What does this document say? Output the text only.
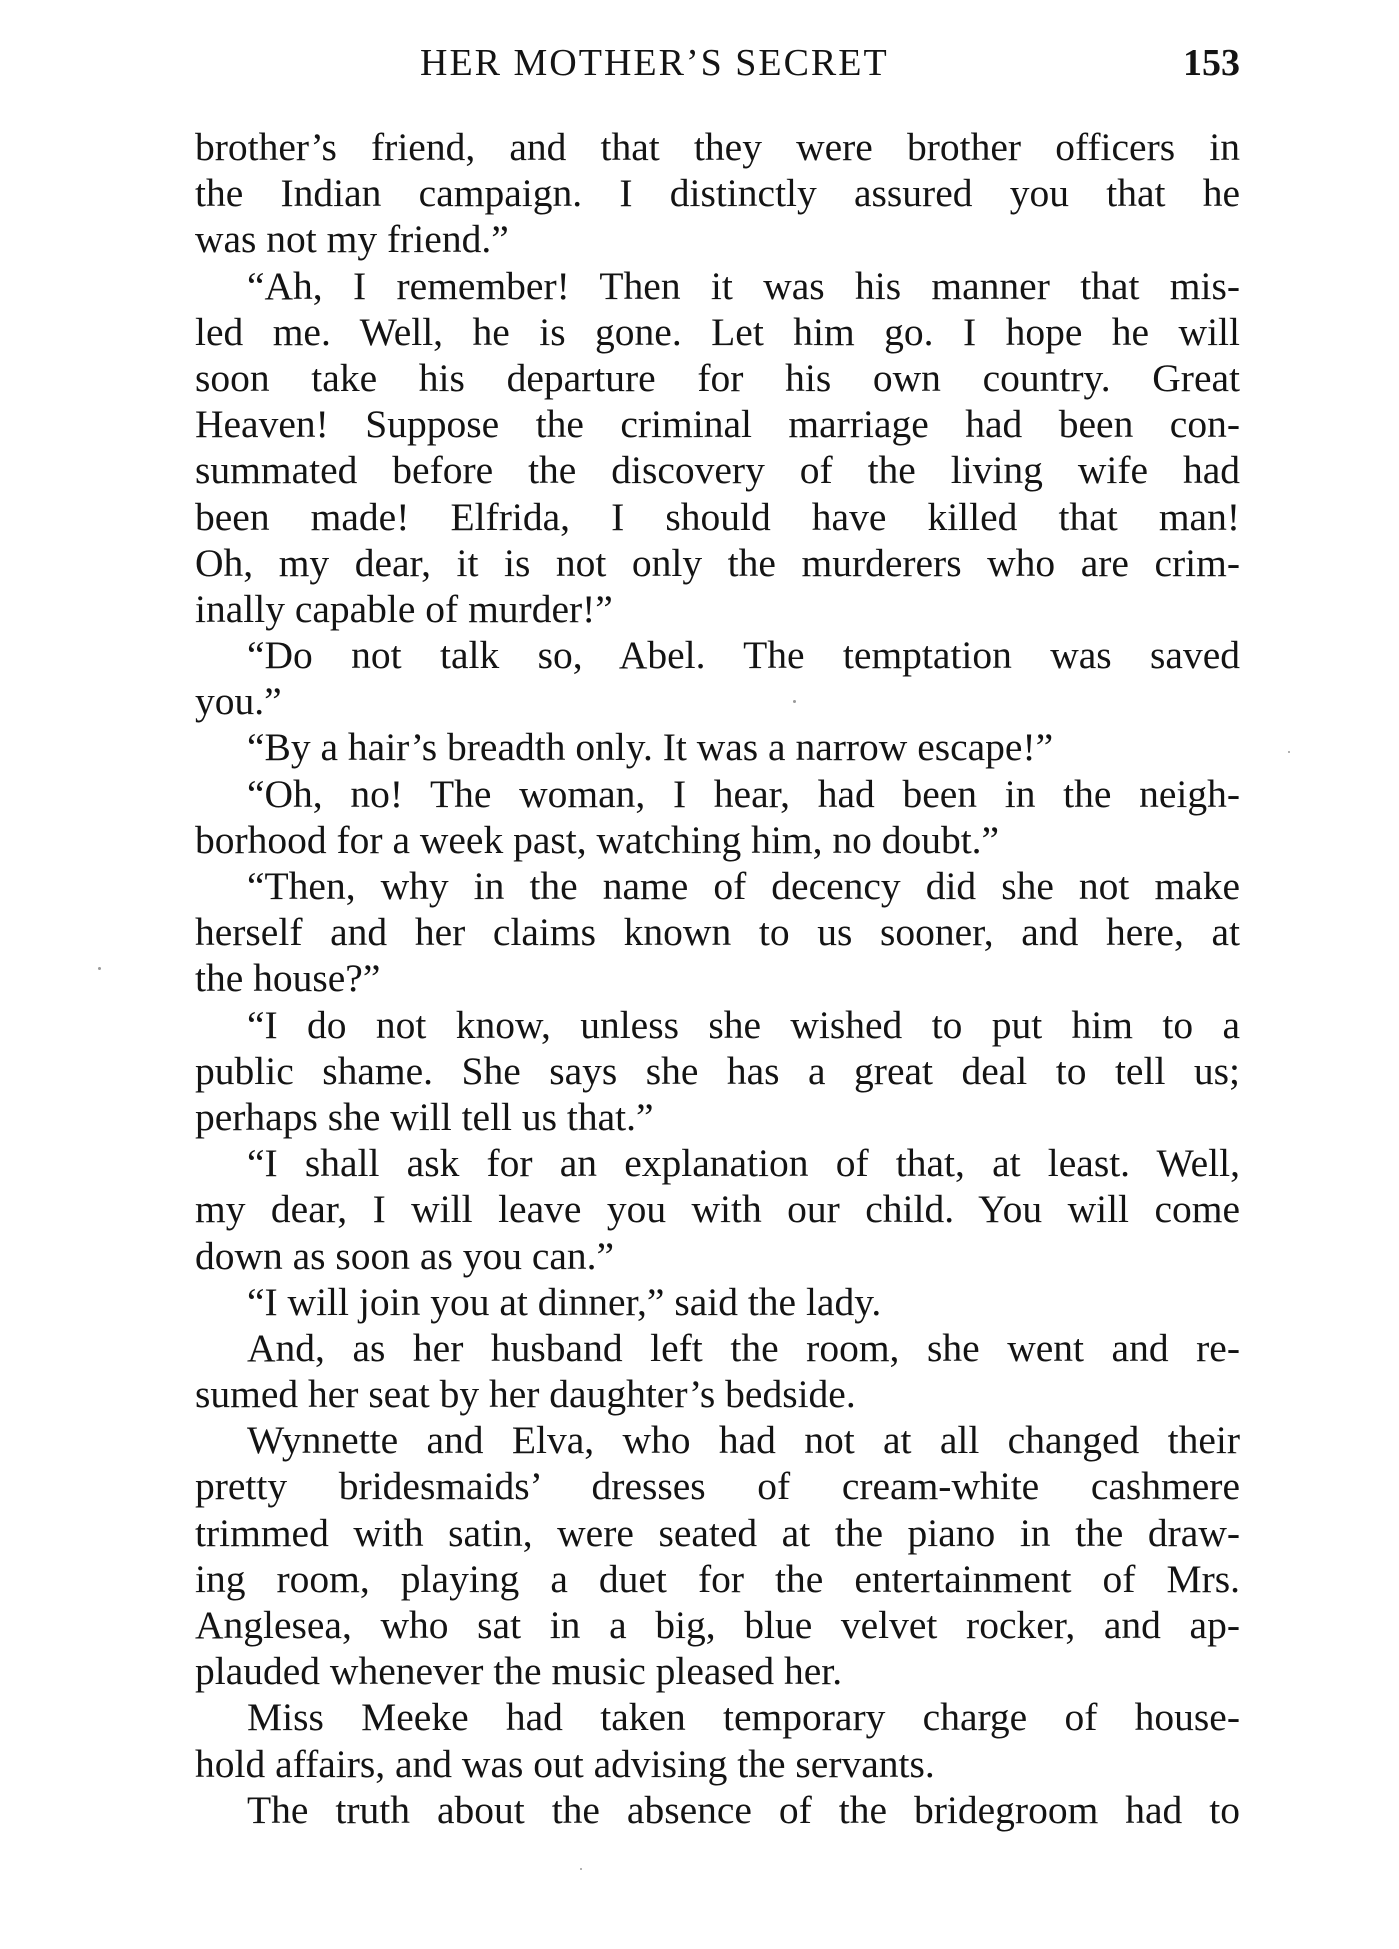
HER MOTHER’S SECRET	153
brother’s friend, and that they were brother officers in
the Indian campaign. I distinctly assured you that he
was not my friend.”
“Ah, I remember! Then it was his manner that mis-
led me. Well, he is gone. Let him go. I hope he will
soon take his departure for his own country. Great
Heaven! Suppose the criminal marriage had been con-
summated before the discovery of the living wife had
been made! Elfrida, I should have killed that man!
Oh, my dear, it is not only the murderers who are crim-
inally capable of murder!”
“Do not talk so, Abel. The temptation was saved
you.”
“By a hair’s breadth only. It was a narrow escape!”
“Oh, no! The woman, I hear, had been in the neigh-
borhood for a week past, watching him, no doubt.”
“Then, why in the name of decency did she not make
herself and her claims known to us sooner, and here, at
the house?”
“I do not know, unless she wished to put him to a
public shame. She says she has a great deal to tell us;
perhaps she will tell us that.”
“I shall ask for an explanation of that, at least. Well,
my dear, I will leave you with our child. You will come
down as soon as you can.”
“I will join you at dinner,” said the lady.
And, as her husband left the room, she went and re-
sumed her seat by her daughter’s bedside.
Wynnette and Elva, who had not at all changed their
pretty bridesmaids’ dresses of cream-white cashmere
trimmed with satin, were seated at the piano in the draw-
ing room, playing a duet for the entertainment of Mrs.
Anglesea, who sat in a big, blue velvet rocker, and ap-
plauded whenever the music pleased her.
Miss Meeke had taken temporary charge of house-
hold affairs, and was out advising the servants.
The truth about the absence of the bridegroom had to
